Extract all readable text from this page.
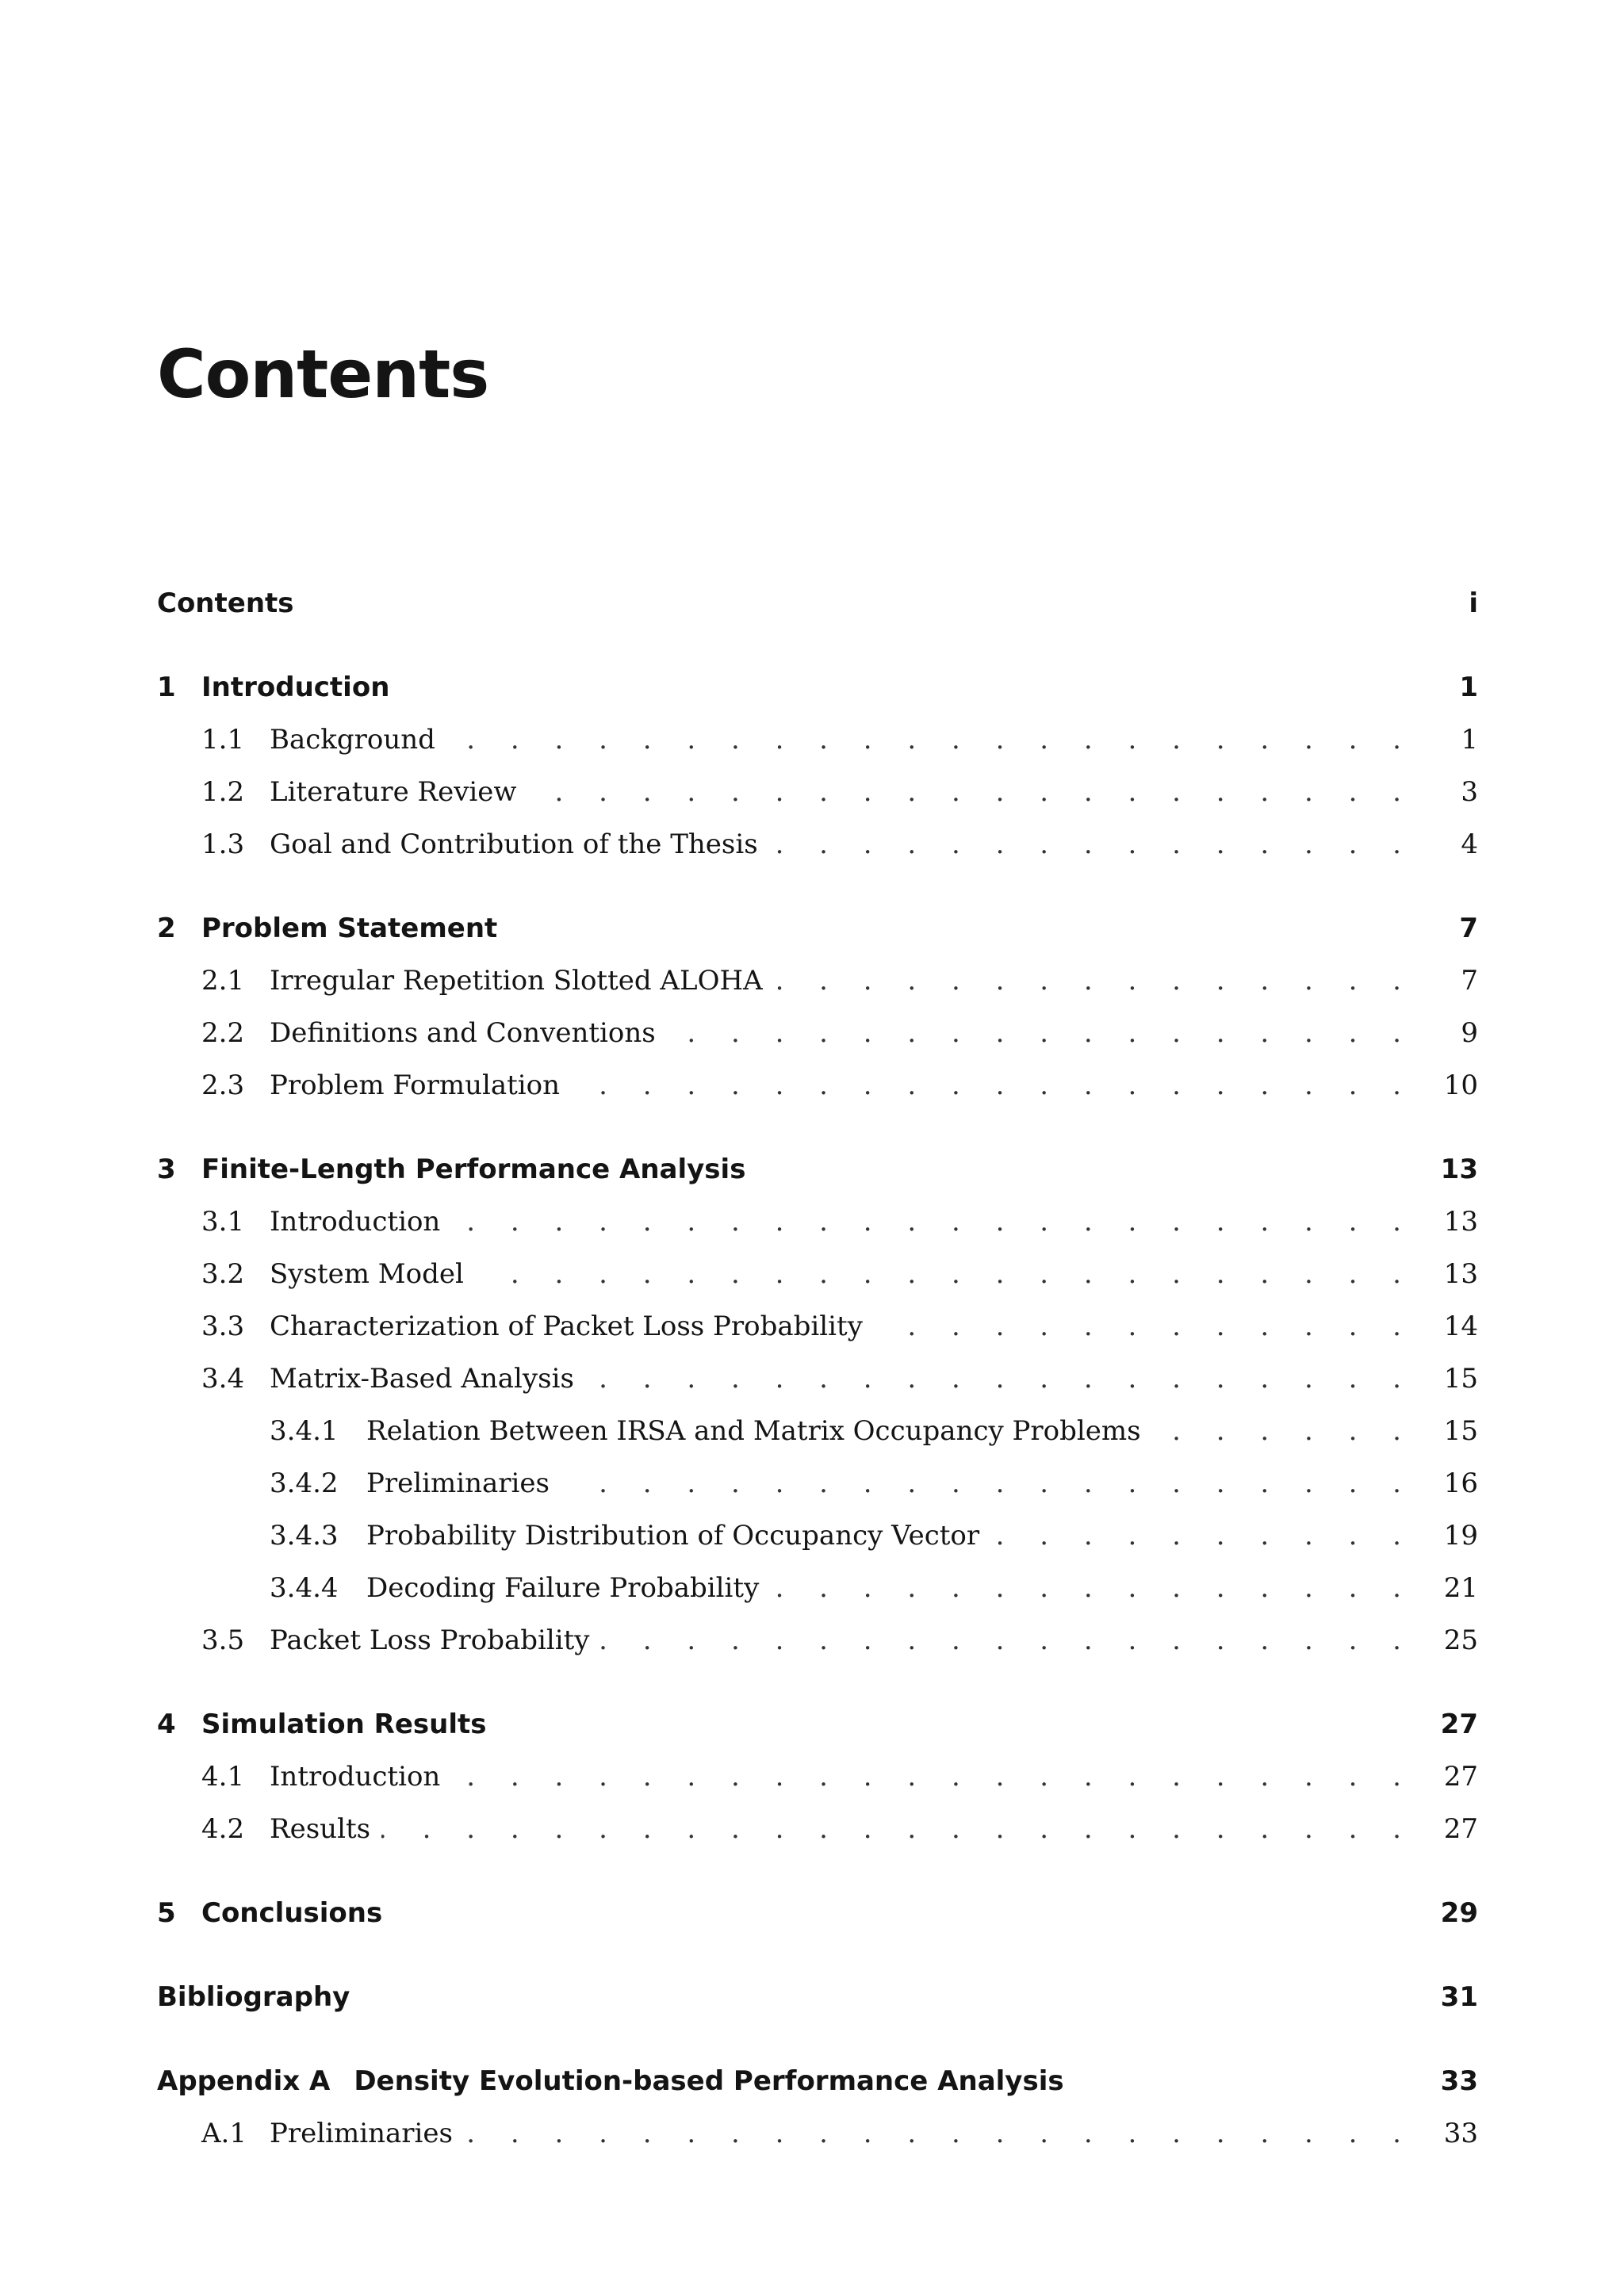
Contents
Contents	i
1 Introduction	1
1.1 Background . . .	1
1.2 Literature Review . . .	3
1.3 Goal and Contribution of the Thesis . . .	4
2 Problem Statement	7
2.1 Irregular Repetition Slotted ALOHA . . .	7
2.2 Definitions and Conventions . . .	9
2.3 Problem Formulation . . .	10
3 Finite-Length Performance Analysis	13
3.1 Introduction . . .	13
3.2 System Model . . .	13
3.3 Characterization of Packet Loss Probability . . .	14
3.4 Matrix-Based Analysis . . .	15
3.4.1	Relation Between IRSA and Matrix Occupancy Problems . . .	15
3.4.2	Preliminaries . . .	16
3.4.3	Probability Distribution of Occupancy Vector . . .	19
3.4.4	Decoding Failure Probability . . .	21
3.5 Packet Loss Probability . . .	25
4 Simulation Results	27
4.1 Introduction . . .	27
4.2 Results . . .	27
5 Conclusions	29
Bibliography	31
Appendix A Density Evolution-based Performance Analysis	33
A.1 Preliminaries . . .	33
